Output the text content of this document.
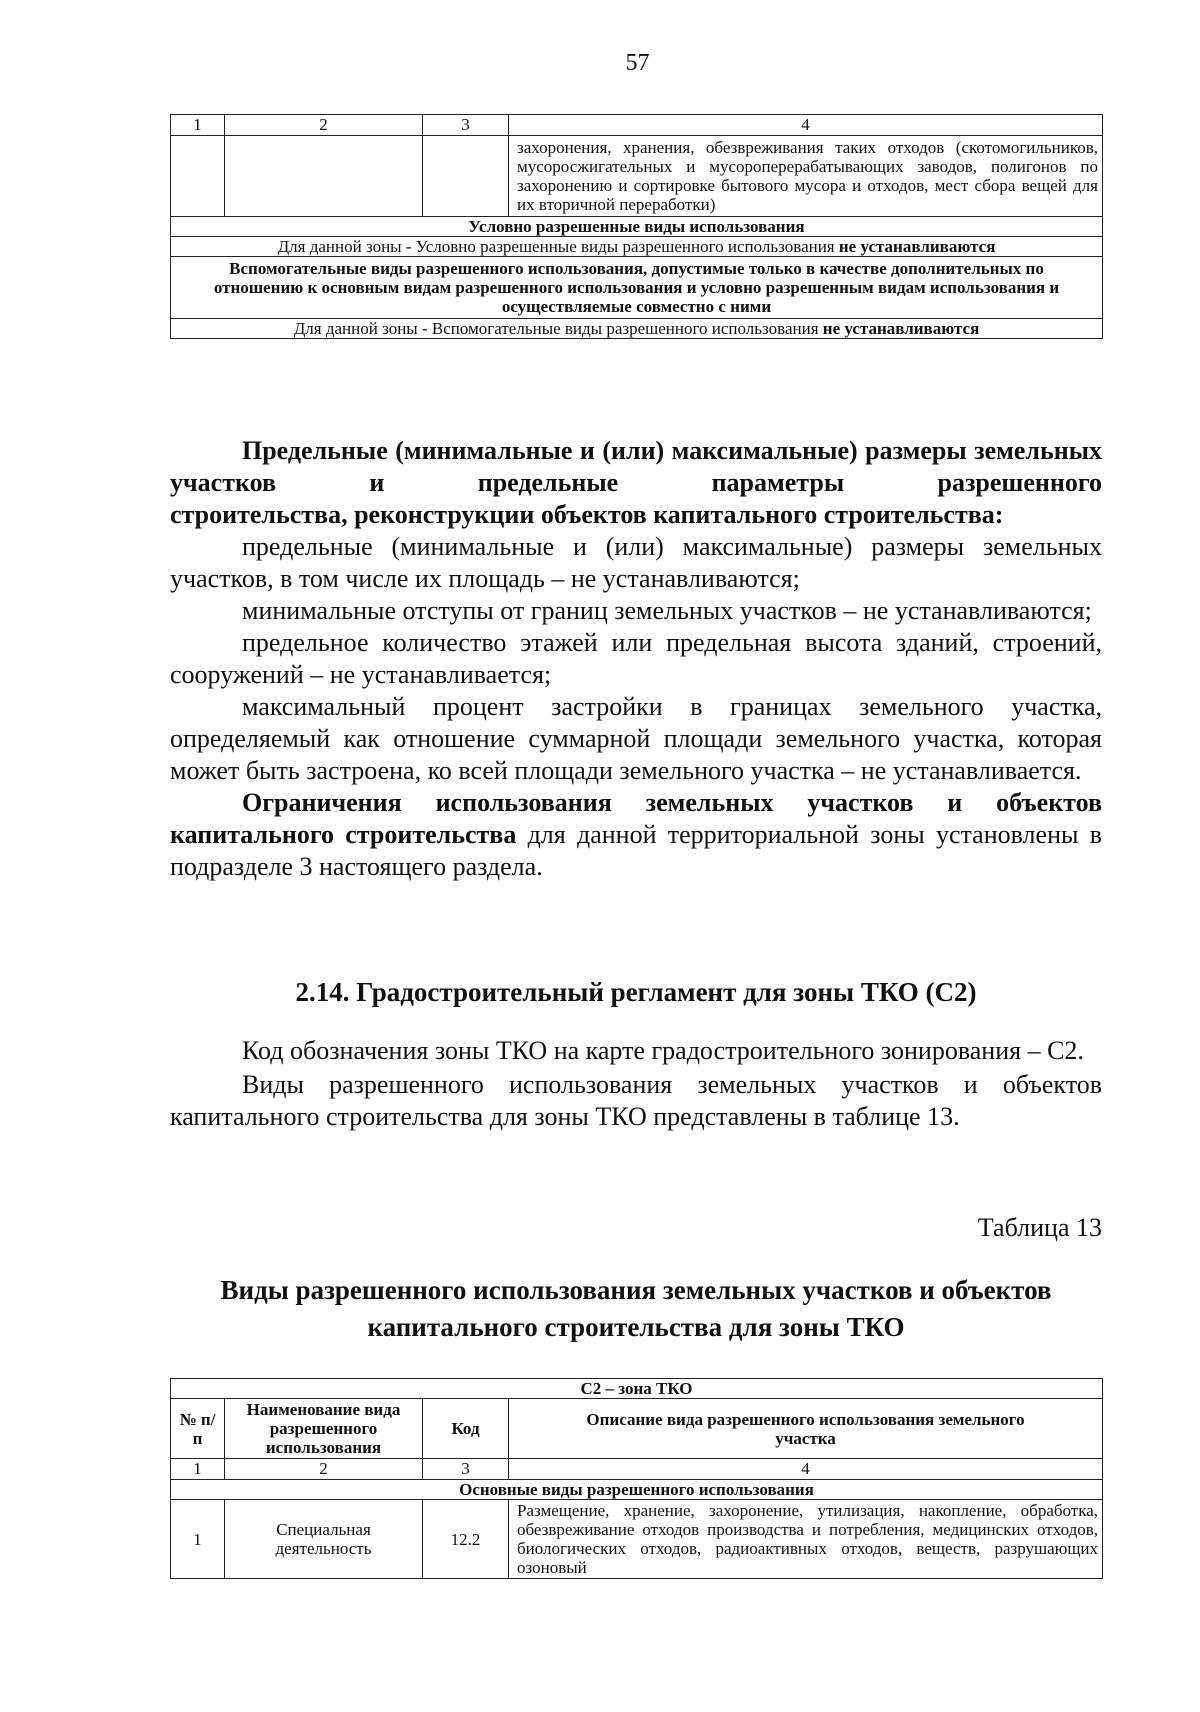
57
1	2	3	4
			захоронения, хранения, обезвреживания таких отходов (скотомогильников, мусоросжигательных и мусороперерабатывающих заводов, полигонов по захоронению и сортировке бытового мусора и отходов, мест сбора вещей для их вторичной переработки)
Условно разрешенные виды использования			
Для данной зоны - Условно разрешенные виды разрешенного использования не устанавливаются			
Вспомогательные виды разрешенного использования, допустимые только в качестве дополнительных по отношению к основным видам разрешенного использования и условно разрешенным видам использования и осуществляемые совместно с ними			
Для данной зоны - Вспомогательные виды разрешенного использования не устанавливаются			

Предельные (минимальные и (или) максимальные) размеры земельных участков и предельные параметры разрешенного

строительства, реконструкции объектов капитального строительства:

предельные (минимальные и (или) максимальные) размеры земельных участков, в том числе их площадь – не устанавливаются;

минимальные отступы от границ земельных участков – не устанавливаются;

предельное количество этажей или предельная высота зданий, строений, сооружений – не устанавливается;

максимальный процент застройки в границах земельного участка, определяемый как отношение суммарной площади земельного участка, которая может быть застроена, ко всей площади земельного участка – не устанавливается.

Ограничения использования земельных участков и объектов капитального строительства для данной территориальной зоны установлены в подразделе 3 настоящего раздела.

2.14. Градостроительный регламент для зоны ТКО (С2)

Код обозначения зоны ТКО на карте градостроительного зонирования – С2.

Виды разрешенного использования земельных участков и объектов капитального строительства для зоны ТКО представлены в таблице 13.

Таблица 13
Виды разрешенного использования земельных участков и объектов
капитального строительства для зоны ТКО
С2 – зона ТКО			
№ п/п	Наименование вида разрешенного использования	Код	Описание вида разрешенного использования земельного участка
1	2	3	4
Основные виды разрешенного использования			
1	Специальная деятельность	12.2	Размещение, хранение, захоронение, утилизация, накопление, обработка, обезвреживание отходов производства и потребления, медицинских отходов, биологических отходов, радиоактивных отходов, веществ, разрушающих озоновый
